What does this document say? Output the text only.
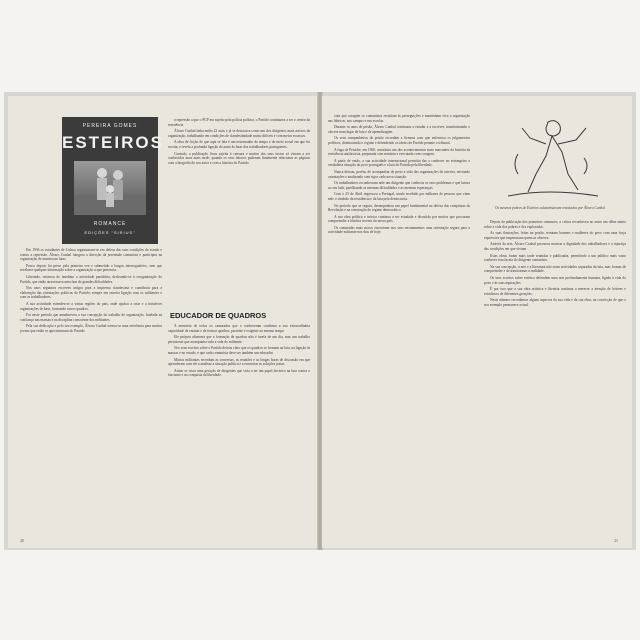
PEREIRA GOMES
ESTEIROS
ROMANCE
EDIÇÕES “SIRIUS”

a repressão a que o PCP era sujeito pela polícia política, o Partido continuava a ser o centro da resistência.

Álvaro Cunhal tinha então 22 anos e já se destacava como um dos dirigentes mais activos da organização, trabalhando em condições de clandestinidade muito difíceis e com meios escassos.

A obra de ficção de que aqui se fala é um testemunho do tempo e do meio social em que foi escrita, e revela a profunda ligação do autor às lutas dos trabalhadores portugueses.

Contudo, a publicação ficou sujeita à censura e muitos dos seus textos só vieram a ser conhecidos anos mais tarde, quando os seus leitores puderam finalmente relacionar as páginas com a biografia do seu autor e com a história do Partido.

Em 1936 os estudantes de Lisboa organizaram-se em defesa das suas condições de estudo e contra a repressão. Álvaro Cunhal integrou a direcção da juventude comunista e participou na organização de numerosas lutas.

Pouco depois foi preso pela primeira vez e submetido a longos interrogatórios, sem que revelasse qualquer informação sobre a organização a que pertencia.

Libertado, retomou de imediato a actividade partidária, dedicando-se à reorganização do Partido, que então atravessava uma fase de grandes dificuldades.

Nos anos seguintes escreveu artigos para a imprensa clandestina e contribuiu para a elaboração das orientações políticas do Partido, sempre em estreita ligação com os militantes e com os trabalhadores.

A sua actividade estendeu-se a várias regiões do país, onde ajudou a criar e a fortalecer organizações de base, formando novos quadros.

Foi neste período que amadureceu a sua concepção do trabalho de organização, fundada na confiança nas massas e na disciplina consciente dos militantes.

Pela sua dedicação e pelo seu exemplo, Álvaro Cunhal tornou-se uma referência para muitos jovens que então se aproximavam do Partido.

EDUCADOR DE QUADROS

A memória de todos os camaradas que o conheceram confirma a sua extraordinária capacidade de ensinar e de formar quadros, paciente e exigente ao mesmo tempo.

Ele próprio afirmava que a formação de quadros não é tarefa de um dia, mas um trabalho persistente que acompanha toda a vida do militante.

Nos seus escritos sobre o Partido deixou claro que os quadros se formam na luta, na ligação às massas e no estudo, e que cada comunista deve ser também um educador.

Muitos militantes recordam as conversas, as reuniões e as longas horas de discussão em que aprenderam com ele a analisar a situação política e a encontrar as soluções justas.

Assim se criou uma geração de dirigentes que viria a ter um papel decisivo na luta contra o fascismo e na conquista da liberdade.

20

com que coragem os comunistas resistiam às perseguições e mantinham viva a organização nas fábricas, nos campos e nas escolas.

Durante os anos de prisão, Álvaro Cunhal continuou a estudar e a escrever, transformando o cárcere num lugar de luta e de aprendizagem.

Os seus companheiros de prisão recordam a firmeza com que enfrentou os julgamentos políticos, denunciando o regime e defendendo os ideais do Partido perante o tribunal.

A fuga de Peniche, em 1960, constituiu um dos acontecimentos mais marcantes da história da resistência antifascista, preparada com minúcia e executada com coragem.

A partir de então, a sua actividade internacional permitiu dar a conhecer no estrangeiro a verdadeira situação do povo português e a luta do Partido pela liberdade.

Nunca deixou, porém, de acompanhar de perto a vida das organizações do interior, enviando orientações e analisando com rigor cada nova situação.

Os trabalhadores reconheciam nele um dirigente que conhecia os seus problemas e que lutava ao seu lado, partilhando as mesmas dificuldades e as mesmas esperanças.

Com o 25 de Abril regressou a Portugal, sendo recebido por milhares de pessoas que viam nele o símbolo da resistência e da luta pela democracia.

No período que se seguiu, desempenhou um papel fundamental na defesa das conquistas da Revolução e na construção do regime democrático.

A sua obra política e teórica continua a ser estudada e discutida por muitos que procuram compreender a história recente do nosso país.

Os camaradas mais novos encontram nos seus ensinamentos uma orientação segura para a actividade militante nos dias de hoje.

Os mesmos pobres de Esteiros salazaristavam retratados por Álvaro Cunhal

Depois da publicação dos primeiros romances, a crítica reconheceu no autor um olhar atento sobre a vida dos pobres e dos explorados.

As suas ilustrações, feitas na prisão, retratam homens e mulheres do povo com uma força expressiva que impressiona quem as observa.

Através da arte, Álvaro Cunhal procurou mostrar a dignidade dos trabalhadores e a injustiça das condições em que viviam.

Estas obras foram mais tarde reunidas e publicadas, permitindo a um público mais vasto conhecer esta faceta do dirigente comunista.

Na sua concepção, a arte e a literatura não eram actividades separadas da luta, mas formas de compreender e de transformar a realidade.

Os seus escritos sobre estética defendem uma arte profundamente humana, ligada à vida do povo e às suas aspirações.

É por isso que a sua obra artística e literária continua a merecer a atenção de leitores e estudiosos de diferentes gerações.

Neste número recordamos alguns aspectos da sua vida e da sua obra, na convicção de que o seu exemplo permanece actual.

21
